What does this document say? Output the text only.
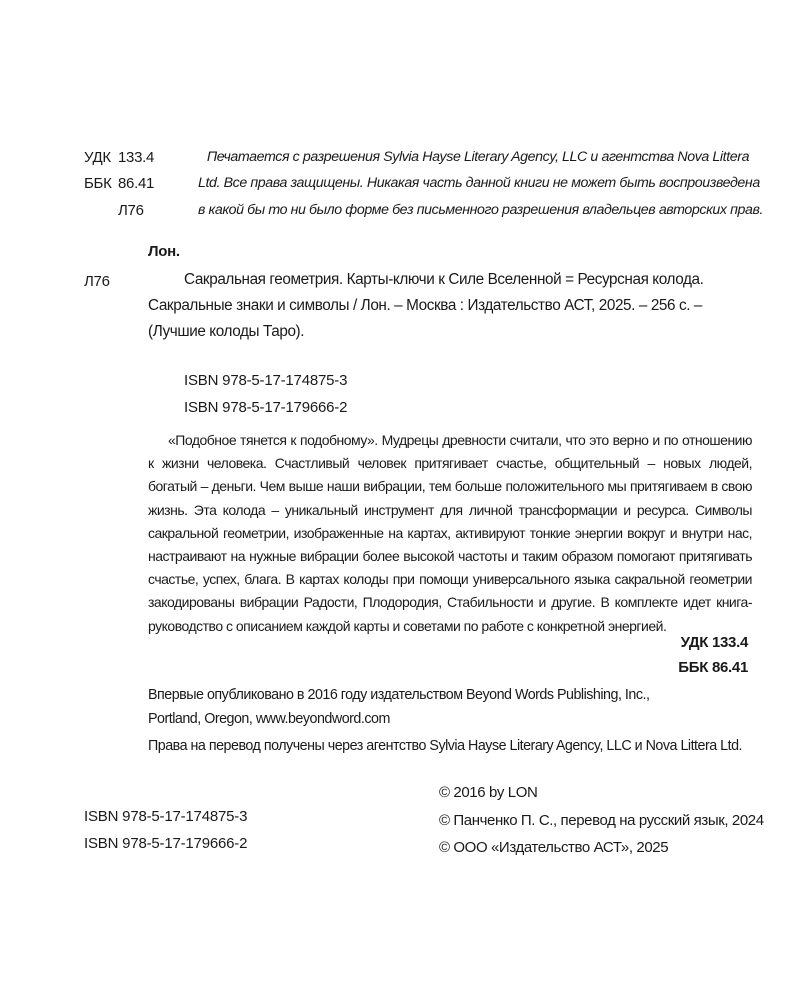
УДК 133.4
ББК 86.41
Л76
Печатается с разрешения Sylvia Hayse Literary Agency, LLC и агентства Nova Littera
Ltd. Все права защищены. Никакая часть данной книги не может быть воспроизведена
в какой бы то ни было форме без письменного разрешения владельцев авторских прав.
Лон.
Л76	Сакральная геометрия. Карты-ключи к Силе Вселенной = Ресурсная колода. Сакральные знаки и символы / Лон. – Москва : Издательство АСТ, 2025. – 256 с. – (Лучшие колоды Таро).
ISBN 978-5-17-174875-3
ISBN 978-5-17-179666-2
«Подобное тянется к подобному». Мудрецы древности считали, что это верно и по отношению к жизни человека. Счастливый человек притягивает счастье, общительный – новых людей, богатый – деньги. Чем выше наши вибрации, тем больше положительного мы притягиваем в свою жизнь. Эта колода – уникальный инструмент для личной трансформации и ресурса. Символы сакральной геометрии, изображенные на картах, активируют тонкие энергии вокруг и внутри нас, настраивают на нужные вибрации более высокой частоты и таким образом помогают притягивать счастье, успех, блага. В картах колоды при помощи универсального языка сакральной геометрии закодированы вибрации Радости, Плодородия, Стабильности и другие. В комплекте идет книга-руководство с описанием каждой карты и советами по работе с конкретной энергией.
УДК 133.4
ББК 86.41
Впервые опубликовано в 2016 году издательством Beyond Words Publishing, Inc.,
Portland, Oregon, www.beyondword.com
Права на перевод получены через агентство Sylvia Hayse Literary Agency, LLC и Nova Littera Ltd.
© 2016 by LON
© Панченко П. С., перевод на русский язык, 2024
© ООО «Издательство АСТ», 2025
ISBN 978-5-17-174875-3
ISBN 978-5-17-179666-2
